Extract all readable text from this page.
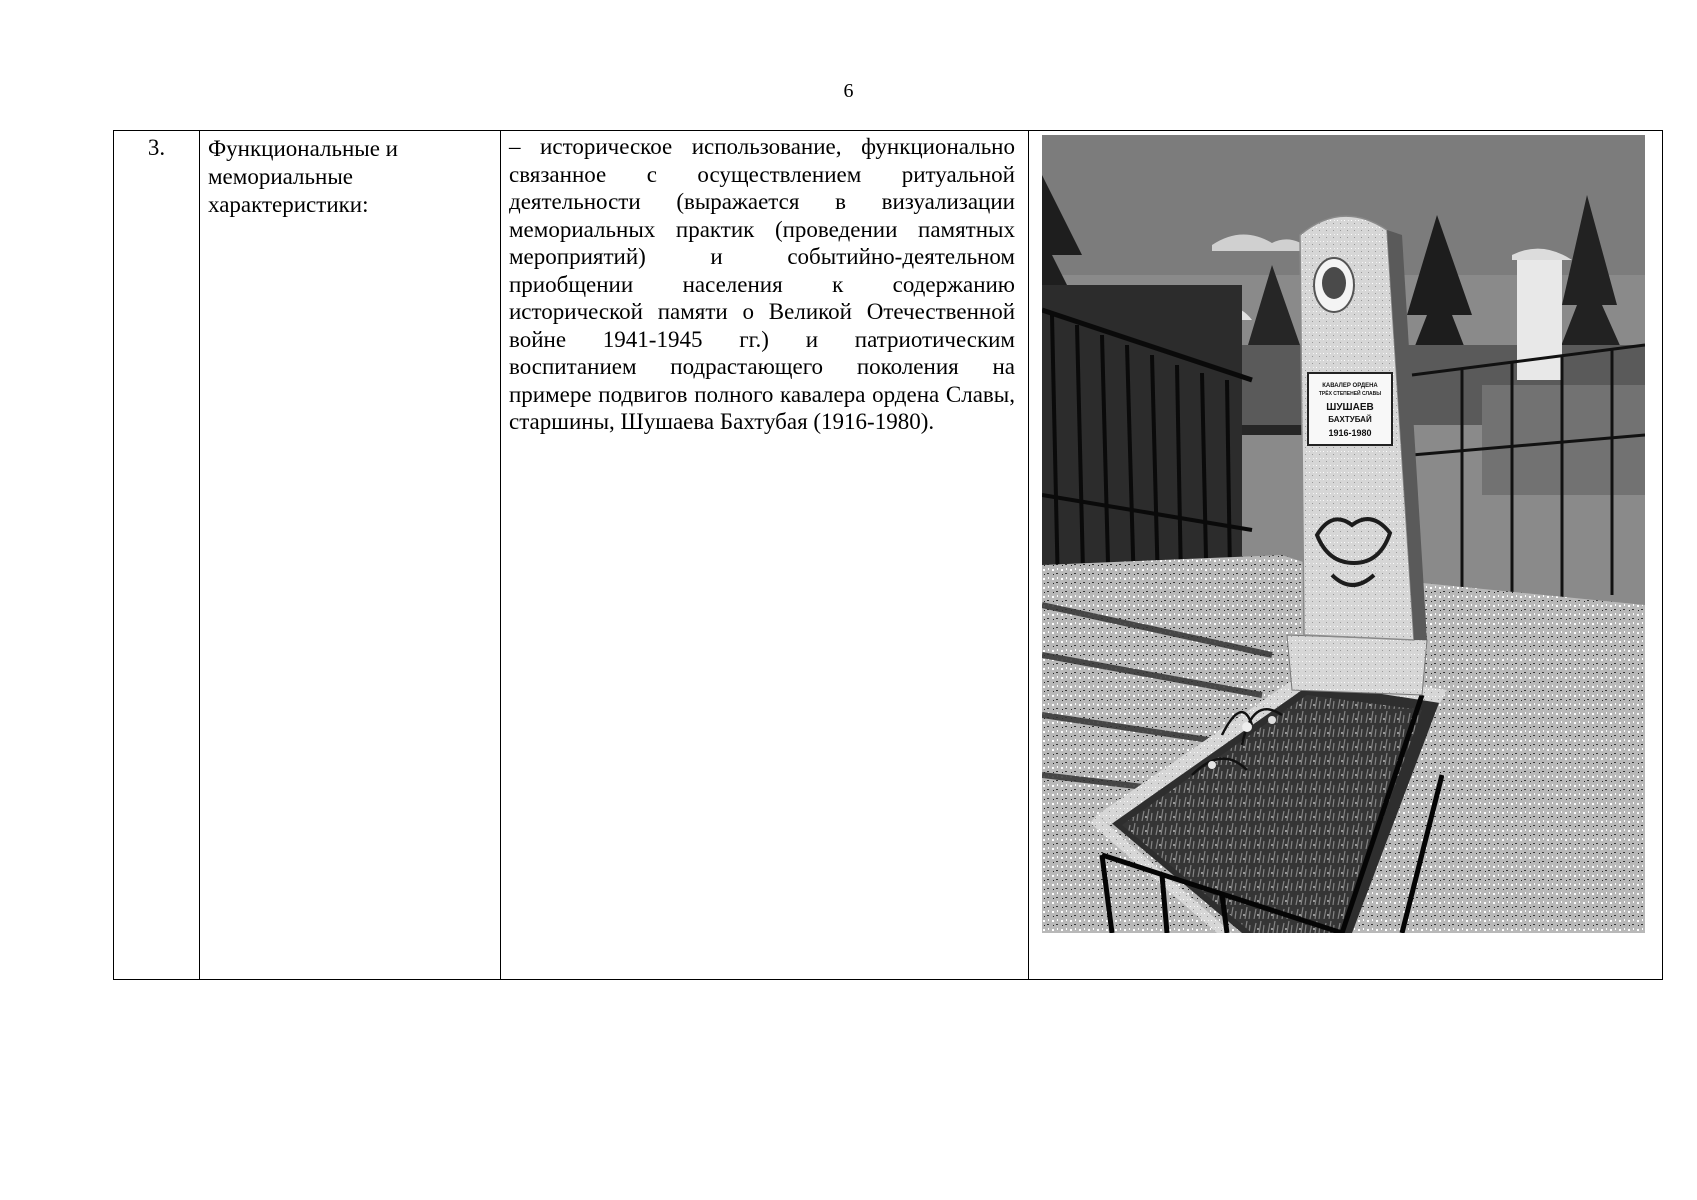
6
3.	Функциональные и мемориальные характеристики:	– историческое использование, функционально связанное с осуществлением ритуальной деятельности (выражается в визуализации мемориальных практик (проведении памятных мероприятий) и событийно-деятельном приобщении населения к содержанию исторической памяти о Великой Отечественной войне 1941-1945 гг.) и патриотическим воспитанием подрастающего поколения на примере подвигов полного кавалера ордена Славы, старшины, Шушаева Бахтубая (1916-1980).	
КАВАЛЕР ОРДЕНА
ТРЁХ СТЕПЕНЕЙ СЛАВЫ
ШУШАЕВ
БАХТУБАЙ
1916-1980
